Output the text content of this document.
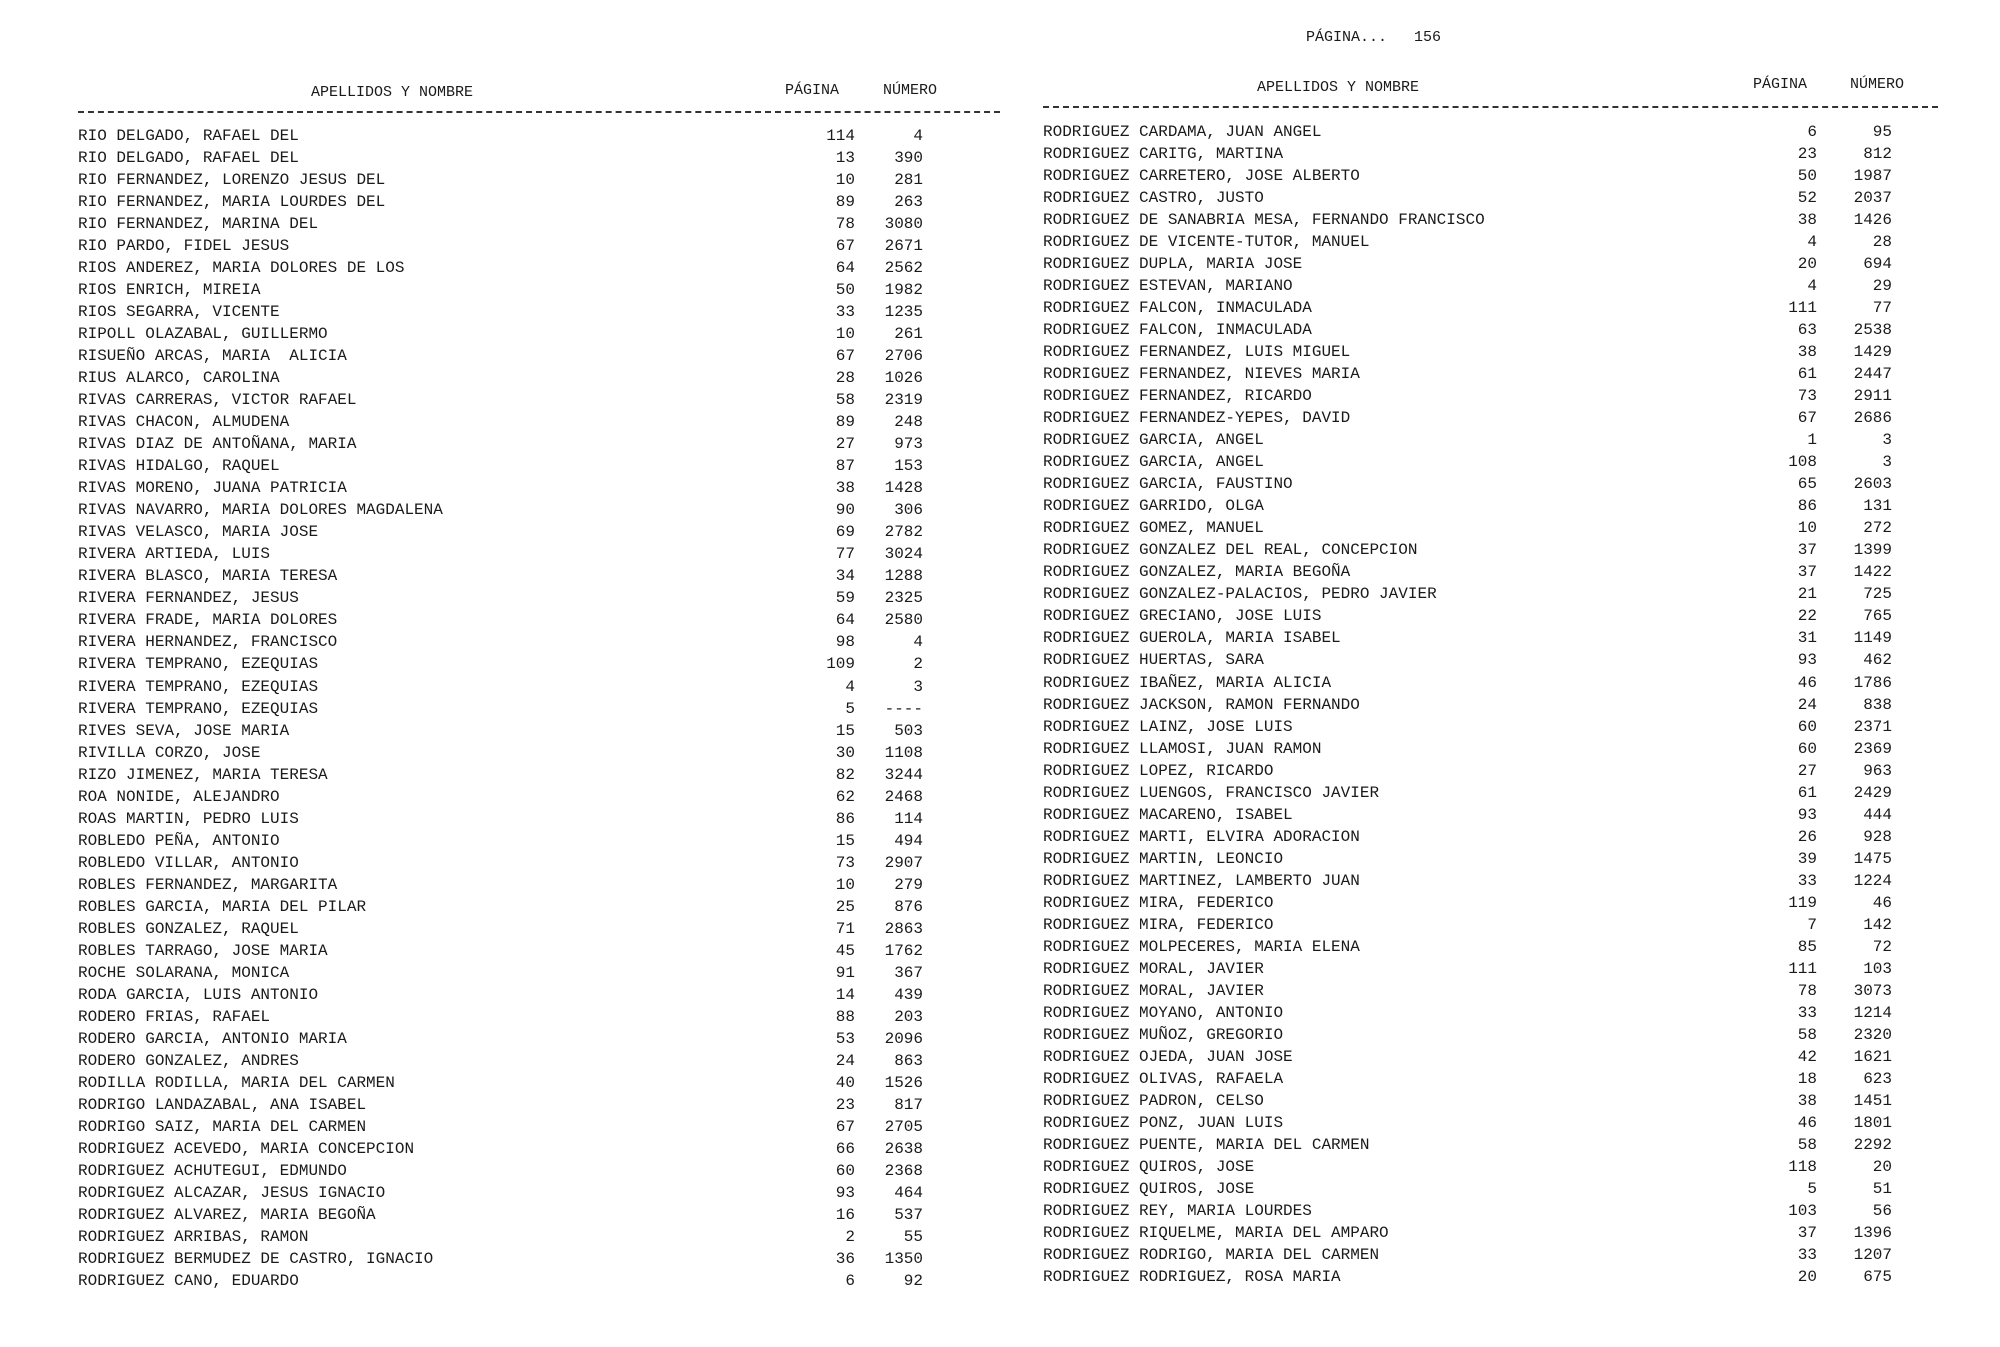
PÁGINA... 156

APELLIDOS Y NOMBRE	PÁGINA	NÚMERO
RIO DELGADO, RAFAEL DEL	114	4
RIO DELGADO, RAFAEL DEL	13	390
RIO FERNANDEZ, LORENZO JESUS DEL	10	281
RIO FERNANDEZ, MARIA LOURDES DEL	89	263
RIO FERNANDEZ, MARINA DEL	78	3080
RIO PARDO, FIDEL JESUS	67	2671
RIOS ANDEREZ, MARIA DOLORES DE LOS	64	2562
RIOS ENRICH, MIREIA	50	1982
RIOS SEGARRA, VICENTE	33	1235
RIPOLL OLAZABAL, GUILLERMO	10	261
RISUEÑO ARCAS, MARIA  ALICIA	67	2706
RIUS ALARCO, CAROLINA	28	1026
RIVAS CARRERAS, VICTOR RAFAEL	58	2319
RIVAS CHACON, ALMUDENA	89	248
RIVAS DIAZ DE ANTOÑANA, MARIA	27	973
RIVAS HIDALGO, RAQUEL	87	153
RIVAS MORENO, JUANA PATRICIA	38	1428
RIVAS NAVARRO, MARIA DOLORES MAGDALENA	90	306
RIVAS VELASCO, MARIA JOSE	69	2782
RIVERA ARTIEDA, LUIS	77	3024
RIVERA BLASCO, MARIA TERESA	34	1288
RIVERA FERNANDEZ, JESUS	59	2325
RIVERA FRADE, MARIA DOLORES	64	2580
RIVERA HERNANDEZ, FRANCISCO	98	4
RIVERA TEMPRANO, EZEQUIAS	109	2
RIVERA TEMPRANO, EZEQUIAS	4	3
RIVERA TEMPRANO, EZEQUIAS	5	----
RIVES SEVA, JOSE MARIA	15	503
RIVILLA CORZO, JOSE	30	1108
RIZO JIMENEZ, MARIA TERESA	82	3244
ROA NONIDE, ALEJANDRO	62	2468
ROAS MARTIN, PEDRO LUIS	86	114
ROBLEDO PEÑA, ANTONIO	15	494
ROBLEDO VILLAR, ANTONIO	73	2907
ROBLES FERNANDEZ, MARGARITA	10	279
ROBLES GARCIA, MARIA DEL PILAR	25	876
ROBLES GONZALEZ, RAQUEL	71	2863
ROBLES TARRAGO, JOSE MARIA	45	1762
ROCHE SOLARANA, MONICA	91	367
RODA GARCIA, LUIS ANTONIO	14	439
RODERO FRIAS, RAFAEL	88	203
RODERO GARCIA, ANTONIO MARIA	53	2096
RODERO GONZALEZ, ANDRES	24	863
RODILLA RODILLA, MARIA DEL CARMEN	40	1526
RODRIGO LANDAZABAL, ANA ISABEL	23	817
RODRIGO SAIZ, MARIA DEL CARMEN	67	2705
RODRIGUEZ ACEVEDO, MARIA CONCEPCION	66	2638
RODRIGUEZ ACHUTEGUI, EDMUNDO	60	2368
RODRIGUEZ ALCAZAR, JESUS IGNACIO	93	464
RODRIGUEZ ALVAREZ, MARIA BEGOÑA	16	537
RODRIGUEZ ARRIBAS, RAMON	2	55
RODRIGUEZ BERMUDEZ DE CASTRO, IGNACIO	36	1350
RODRIGUEZ CANO, EDUARDO	6	92
APELLIDOS Y NOMBRE	PÁGINA	NÚMERO
RODRIGUEZ CARDAMA, JUAN ANGEL	6	95
RODRIGUEZ CARITG, MARTINA	23	812
RODRIGUEZ CARRETERO, JOSE ALBERTO	50	1987
RODRIGUEZ CASTRO, JUSTO	52	2037
RODRIGUEZ DE SANABRIA MESA, FERNANDO FRANCISCO	38	1426
RODRIGUEZ DE VICENTE-TUTOR, MANUEL	4	28
RODRIGUEZ DUPLA, MARIA JOSE	20	694
RODRIGUEZ ESTEVAN, MARIANO	4	29
RODRIGUEZ FALCON, INMACULADA	111	77
RODRIGUEZ FALCON, INMACULADA	63	2538
RODRIGUEZ FERNANDEZ, LUIS MIGUEL	38	1429
RODRIGUEZ FERNANDEZ, NIEVES MARIA	61	2447
RODRIGUEZ FERNANDEZ, RICARDO	73	2911
RODRIGUEZ FERNANDEZ-YEPES, DAVID	67	2686
RODRIGUEZ GARCIA, ANGEL	1	3
RODRIGUEZ GARCIA, ANGEL	108	3
RODRIGUEZ GARCIA, FAUSTINO	65	2603
RODRIGUEZ GARRIDO, OLGA	86	131
RODRIGUEZ GOMEZ, MANUEL	10	272
RODRIGUEZ GONZALEZ DEL REAL, CONCEPCION	37	1399
RODRIGUEZ GONZALEZ, MARIA BEGOÑA	37	1422
RODRIGUEZ GONZALEZ-PALACIOS, PEDRO JAVIER	21	725
RODRIGUEZ GRECIANO, JOSE LUIS	22	765
RODRIGUEZ GUEROLA, MARIA ISABEL	31	1149
RODRIGUEZ HUERTAS, SARA	93	462
RODRIGUEZ IBAÑEZ, MARIA ALICIA	46	1786
RODRIGUEZ JACKSON, RAMON FERNANDO	24	838
RODRIGUEZ LAINZ, JOSE LUIS	60	2371
RODRIGUEZ LLAMOSI, JUAN RAMON	60	2369
RODRIGUEZ LOPEZ, RICARDO	27	963
RODRIGUEZ LUENGOS, FRANCISCO JAVIER	61	2429
RODRIGUEZ MACARENO, ISABEL	93	444
RODRIGUEZ MARTI, ELVIRA ADORACION	26	928
RODRIGUEZ MARTIN, LEONCIO	39	1475
RODRIGUEZ MARTINEZ, LAMBERTO JUAN	33	1224
RODRIGUEZ MIRA, FEDERICO	119	46
RODRIGUEZ MIRA, FEDERICO	7	142
RODRIGUEZ MOLPECERES, MARIA ELENA	85	72
RODRIGUEZ MORAL, JAVIER	111	103
RODRIGUEZ MORAL, JAVIER	78	3073
RODRIGUEZ MOYANO, ANTONIO	33	1214
RODRIGUEZ MUÑOZ, GREGORIO	58	2320
RODRIGUEZ OJEDA, JUAN JOSE	42	1621
RODRIGUEZ OLIVAS, RAFAELA	18	623
RODRIGUEZ PADRON, CELSO	38	1451
RODRIGUEZ PONZ, JUAN LUIS	46	1801
RODRIGUEZ PUENTE, MARIA DEL CARMEN	58	2292
RODRIGUEZ QUIROS, JOSE	118	20
RODRIGUEZ QUIROS, JOSE	5	51
RODRIGUEZ REY, MARIA LOURDES	103	56
RODRIGUEZ RIQUELME, MARIA DEL AMPARO	37	1396
RODRIGUEZ RODRIGO, MARIA DEL CARMEN	33	1207
RODRIGUEZ RODRIGUEZ, ROSA MARIA	20	675
